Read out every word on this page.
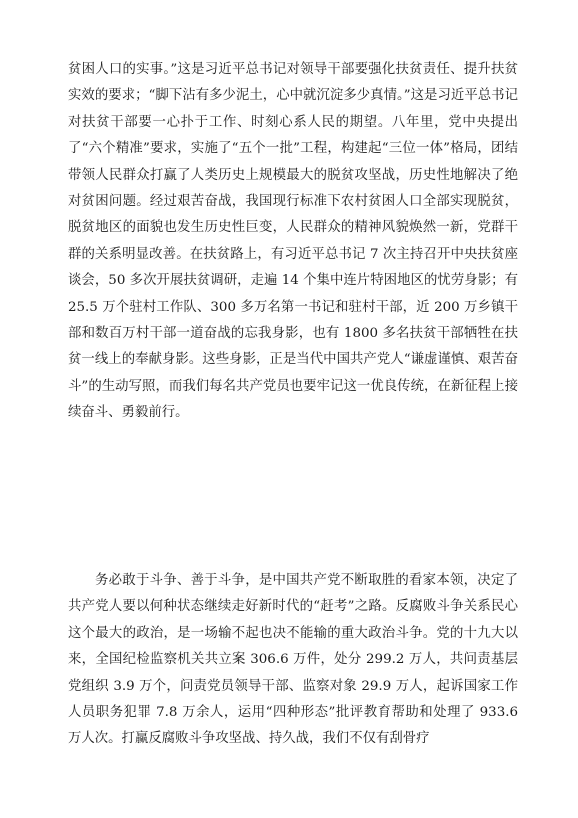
贫困人口的实事。”这是习近平总书记对领导干部要强化扶贫责任、提升扶贫实效的要求；“脚下沾有多少泥土，心中就沉淀多少真情。”这是习近平总书记对扶贫干部要一心扑于工作、时刻心系人民的期望。八年里，党中央提出了“六个精准”要求，实施了“五个一批”工程，构建起“三位一体”格局，团结带领人民群众打赢了人类历史上规模最大的脱贫攻坚战，历史性地解决了绝对贫困问题。经过艰苦奋战，我国现行标准下农村贫困人口全部实现脱贫，脱贫地区的面貌也发生历史性巨变，人民群众的精神风貌焕然一新，党群干群的关系明显改善。在扶贫路上，有习近平总书记 7 次主持召开中央扶贫座谈会，50 多次开展扶贫调研，走遍 14 个集中连片特困地区的忧劳身影；有 25.5 万个驻村工作队、300 多万名第一书记和驻村干部，近 200 万乡镇干部和数百万村干部一道奋战的忘我身影，也有 1800 多名扶贫干部牺牲在扶贫一线上的奉献身影。这些身影，正是当代中国共产党人“谦虚谨慎、艰苦奋斗”的生动写照，而我们每名共产党员也要牢记这一优良传统，在新征程上接续奋斗、勇毅前行。

务必敢于斗争、善于斗争，是中国共产党不断取胜的看家本领，决定了共产党人要以何种状态继续走好新时代的“赶考”之路。反腐败斗争关系民心这个最大的政治，是一场输不起也决不能输的重大政治斗争。党的十九大以来，全国纪检监察机关共立案 306.6 万件，处分 299.2 万人，共问责基层党组织 3.9 万个，问责党员领导干部、监察对象 29.9 万人，起诉国家工作人员职务犯罪 7.8 万余人，运用“四种形态”批评教育帮助和处理了 933.6 万人次。打赢反腐败斗争攻坚战、持久战，我们不仅有刮骨疗
